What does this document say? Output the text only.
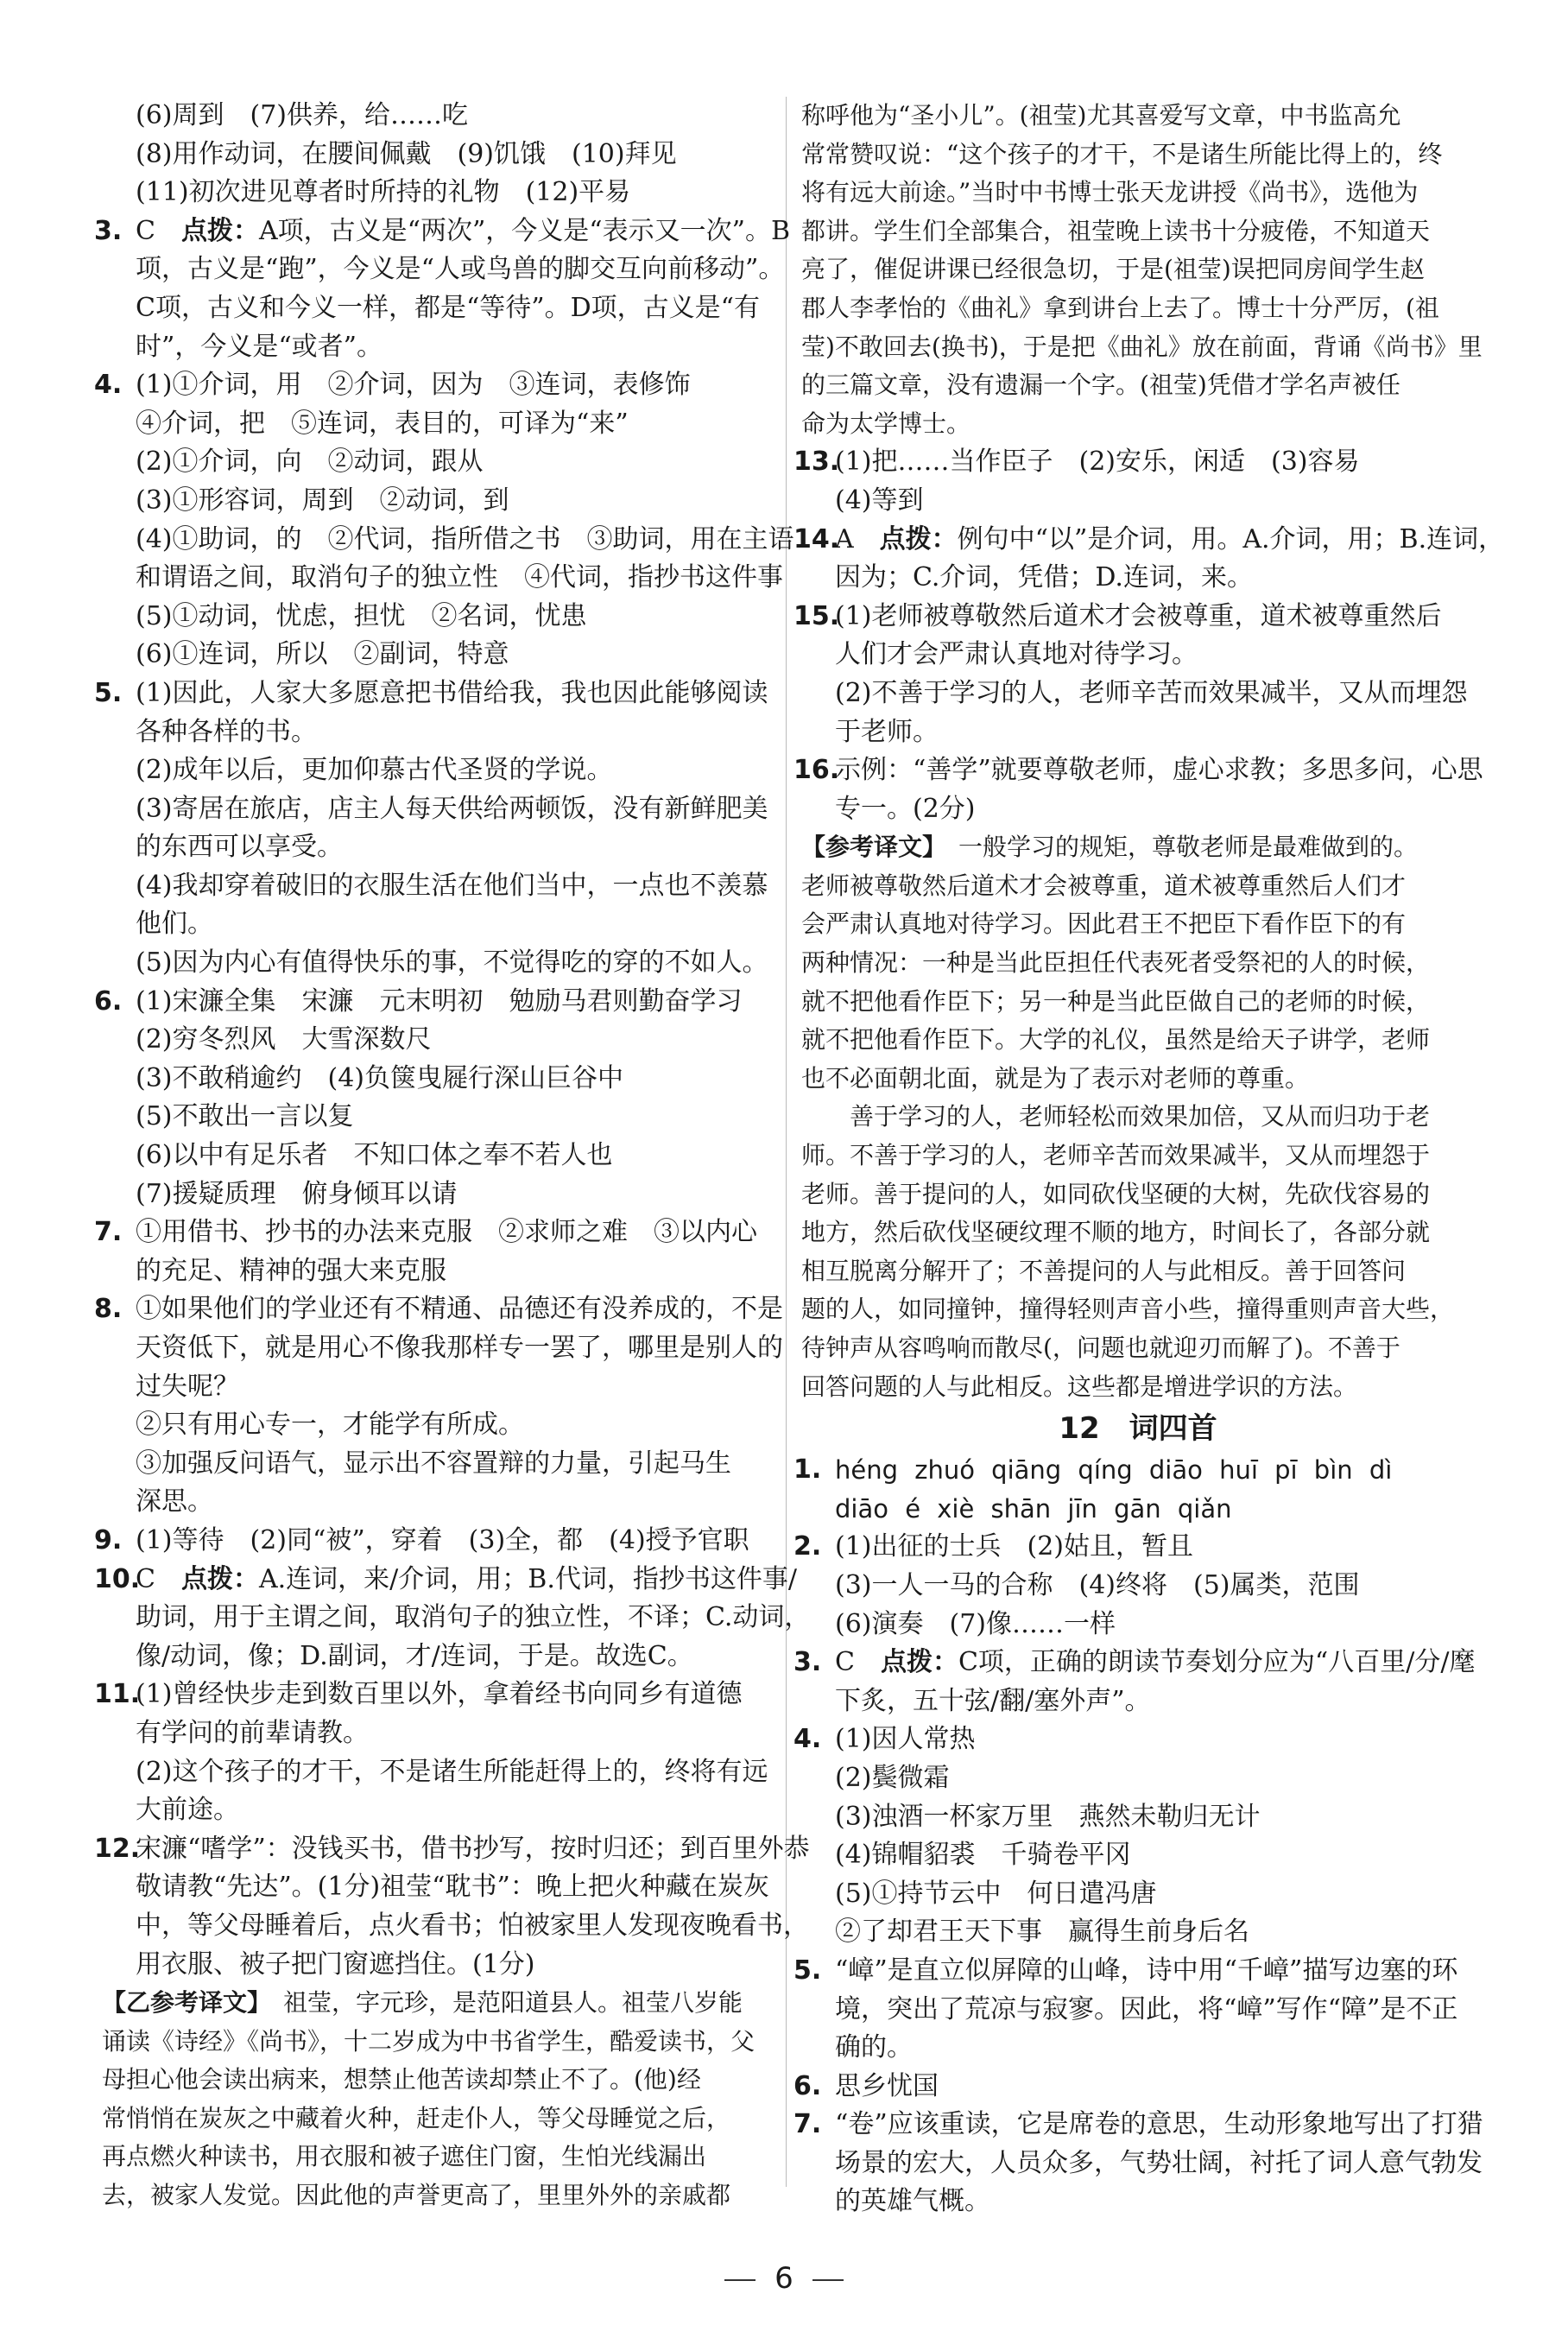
(6)周到　(7)供养，给……吃
(8)用作动词，在腰间佩戴　(9)饥饿　(10)拜见
(11)初次进见尊者时所持的礼物　(12)平易
3. C　点拨：A项，古义是“两次”，今义是“表示又一次”。B
项，古义是“跑”，今义是“人或鸟兽的脚交互向前移动”。
C项，古义和今义一样，都是“等待”。D项，古义是“有
时”，今义是“或者”。
4. (1)①介词，用　②介词，因为　③连词，表修饰
④介词，把　⑤连词，表目的，可译为“来”
(2)①介词，向　②动词，跟从
(3)①形容词，周到　②动词，到
(4)①助词，的　②代词，指所借之书　③助词，用在主语
和谓语之间，取消句子的独立性　④代词，指抄书这件事
(5)①动词，忧虑，担忧　②名词，忧患
(6)①连词，所以　②副词，特意
5. (1)因此，人家大多愿意把书借给我，我也因此能够阅读
各种各样的书。
(2)成年以后，更加仰慕古代圣贤的学说。
(3)寄居在旅店，店主人每天供给两顿饭，没有新鲜肥美
的东西可以享受。
(4)我却穿着破旧的衣服生活在他们当中，一点也不羡慕
他们。
(5)因为内心有值得快乐的事，不觉得吃的穿的不如人。
6. (1)宋濂全集　宋濂　元末明初　勉励马君则勤奋学习
(2)穷冬烈风　大雪深数尺
(3)不敢稍逾约　(4)负箧曳屣行深山巨谷中
(5)不敢出一言以复
(6)以中有足乐者　不知口体之奉不若人也
(7)援疑质理　俯身倾耳以请
7. ①用借书、抄书的办法来克服　②求师之难　③以内心
的充足、精神的强大来克服
8. ①如果他们的学业还有不精通、品德还有没养成的，不是
天资低下，就是用心不像我那样专一罢了，哪里是别人的
过失呢？
②只有用心专一，才能学有所成。
③加强反问语气，显示出不容置辩的力量，引起马生
深思。
9. (1)等待　(2)同“被”，穿着　(3)全，都　(4)授予官职
10.
C　点拨：A.连词，来/介词，用；B.代词，指抄书这件事/
助词，用于主谓之间，取消句子的独立性，不译；C.动词，
像/动词，像；D.副词，才/连词，于是。故选C。
11.
(1)曾经快步走到数百里以外，拿着经书向同乡有道德
有学问的前辈请教。
(2)这个孩子的才干，不是诸生所能赶得上的，终将有远
大前途。
12.
宋濂“嗜学”：没钱买书，借书抄写，按时归还；到百里外恭
敬请教“先达”。(1分)祖莹“耽书”：晚上把火种藏在炭灰
中，等父母睡着后，点火看书；怕被家里人发现夜晚看书，
用衣服、被子把门窗遮挡住。(1分)
【乙参考译文】　祖莹，字元珍，是范阳道县人。祖莹八岁能
诵读《诗经》《尚书》，十二岁成为中书省学生，酷爱读书，父
母担心他会读出病来，想禁止他苦读却禁止不了。(他)经
常悄悄在炭灰之中藏着火种，赶走仆人，等父母睡觉之后，
再点燃火种读书，用衣服和被子遮住门窗，生怕光线漏出
去，被家人发觉。因此他的声誉更高了，里里外外的亲戚都
称呼他为“圣小儿”。(祖莹)尤其喜爱写文章，中书监高允
常常赞叹说：“这个孩子的才干，不是诸生所能比得上的，终
将有远大前途。”当时中书博士张天龙讲授《尚书》，选他为
都讲。学生们全部集合，祖莹晚上读书十分疲倦，不知道天
亮了，催促讲课已经很急切，于是(祖莹)误把同房间学生赵
郡人李孝怡的《曲礼》拿到讲台上去了。博士十分严厉，(祖
莹)不敢回去(换书)，于是把《曲礼》放在前面，背诵《尚书》里
的三篇文章，没有遗漏一个字。(祖莹)凭借才学名声被任
命为太学博士。
13.
(1)把……当作臣子　(2)安乐，闲适　(3)容易
(4)等到
14.
A　点拨：例句中“以”是介词，用。A.介词，用；B.连词，
因为；C.介词，凭借；D.连词，来。
15.
(1)老师被尊敬然后道术才会被尊重，道术被尊重然后
人们才会严肃认真地对待学习。
(2)不善于学习的人，老师辛苦而效果减半，又从而埋怨
于老师。
16.
示例：“善学”就要尊敬老师，虚心求教；多思多问，心思
专一。(2分)
【参考译文】　一般学习的规矩，尊敬老师是最难做到的。
老师被尊敬然后道术才会被尊重，道术被尊重然后人们才
会严肃认真地对待学习。因此君王不把臣下看作臣下的有
两种情况：一种是当此臣担任代表死者受祭祀的人的时候，
就不把他看作臣下；另一种是当此臣做自己的老师的时候，
就不把他看作臣下。大学的礼仪，虽然是给天子讲学，老师
也不必面朝北面，就是为了表示对老师的尊重。
善于学习的人，老师轻松而效果加倍，又从而归功于老
师。不善于学习的人，老师辛苦而效果减半，又从而埋怨于
老师。善于提问的人，如同砍伐坚硬的大树，先砍伐容易的
地方，然后砍伐坚硬纹理不顺的地方，时间长了，各部分就
相互脱离分解开了；不善提问的人与此相反。善于回答问
题的人，如同撞钟，撞得轻则声音小些，撞得重则声音大些，
待钟声从容鸣响而散尽(，问题也就迎刃而解了)。不善于
回答问题的人与此相反。这些都是增进学识的方法。
12　词四首
1. héng zhuó qiāng qíng diāo huī pī bìn dì
diāo é xiè shān jīn gān qiǎn
2. (1)出征的士兵　(2)姑且，暂且
(3)一人一马的合称　(4)终将　(5)属类，范围
(6)演奏　(7)像……一样
3. C　点拨：C项，正确的朗读节奏划分应为“八百里/分/麾
下炙，五十弦/翻/塞外声”。
4. (1)因人常热
(2)鬓微霜
(3)浊酒一杯家万里　燕然未勒归无计
(4)锦帽貂裘　千骑卷平冈
(5)①持节云中　何日遣冯唐
②了却君王天下事　赢得生前身后名
5. “嶂”是直立似屏障的山峰，诗中用“千嶂”描写边塞的环
境，突出了荒凉与寂寥。因此，将“嶂”写作“障”是不正
确的。
6. 思乡忧国
7. “卷”应该重读，它是席卷的意思，生动形象地写出了打猎
场景的宏大，人员众多，气势壮阔，衬托了词人意气勃发
的英雄气概。
6
